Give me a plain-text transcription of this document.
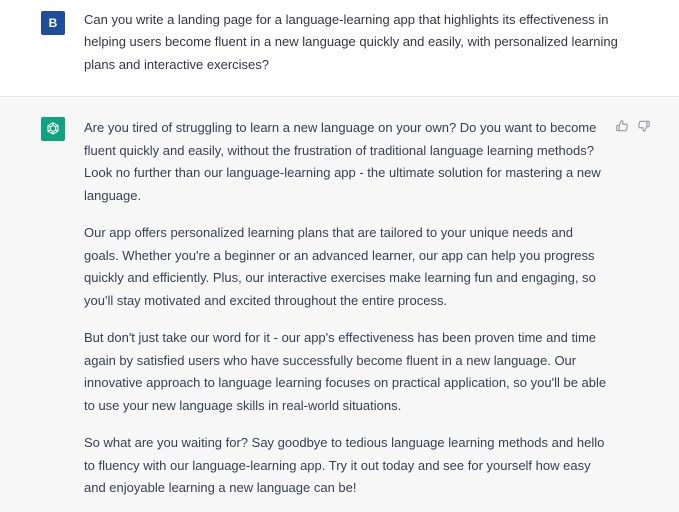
B	Can you write a landing page for a language-learning app that highlights its effectiveness in helping users become fluent in a new language quickly and easily, with personalized learning plans and interactive exercises?

Are you tired of struggling to learn a new language on your own? Do you want to become fluent quickly and easily, without the frustration of traditional language learning methods? Look no further than our language-learning app - the ultimate solution for mastering a new language.

Our app offers personalized learning plans that are tailored to your unique needs and goals. Whether you're a beginner or an advanced learner, our app can help you progress quickly and efficiently. Plus, our interactive exercises make learning fun and engaging, so you'll stay motivated and excited throughout the entire process.

But don't just take our word for it - our app's effectiveness has been proven time and time again by satisfied users who have successfully become fluent in a new language. Our innovative approach to language learning focuses on practical application, so you'll be able to use your new language skills in real-world situations.

So what are you waiting for? Say goodbye to tedious language learning methods and hello to fluency with our language-learning app. Try it out today and see for yourself how easy and enjoyable learning a new language can be!
